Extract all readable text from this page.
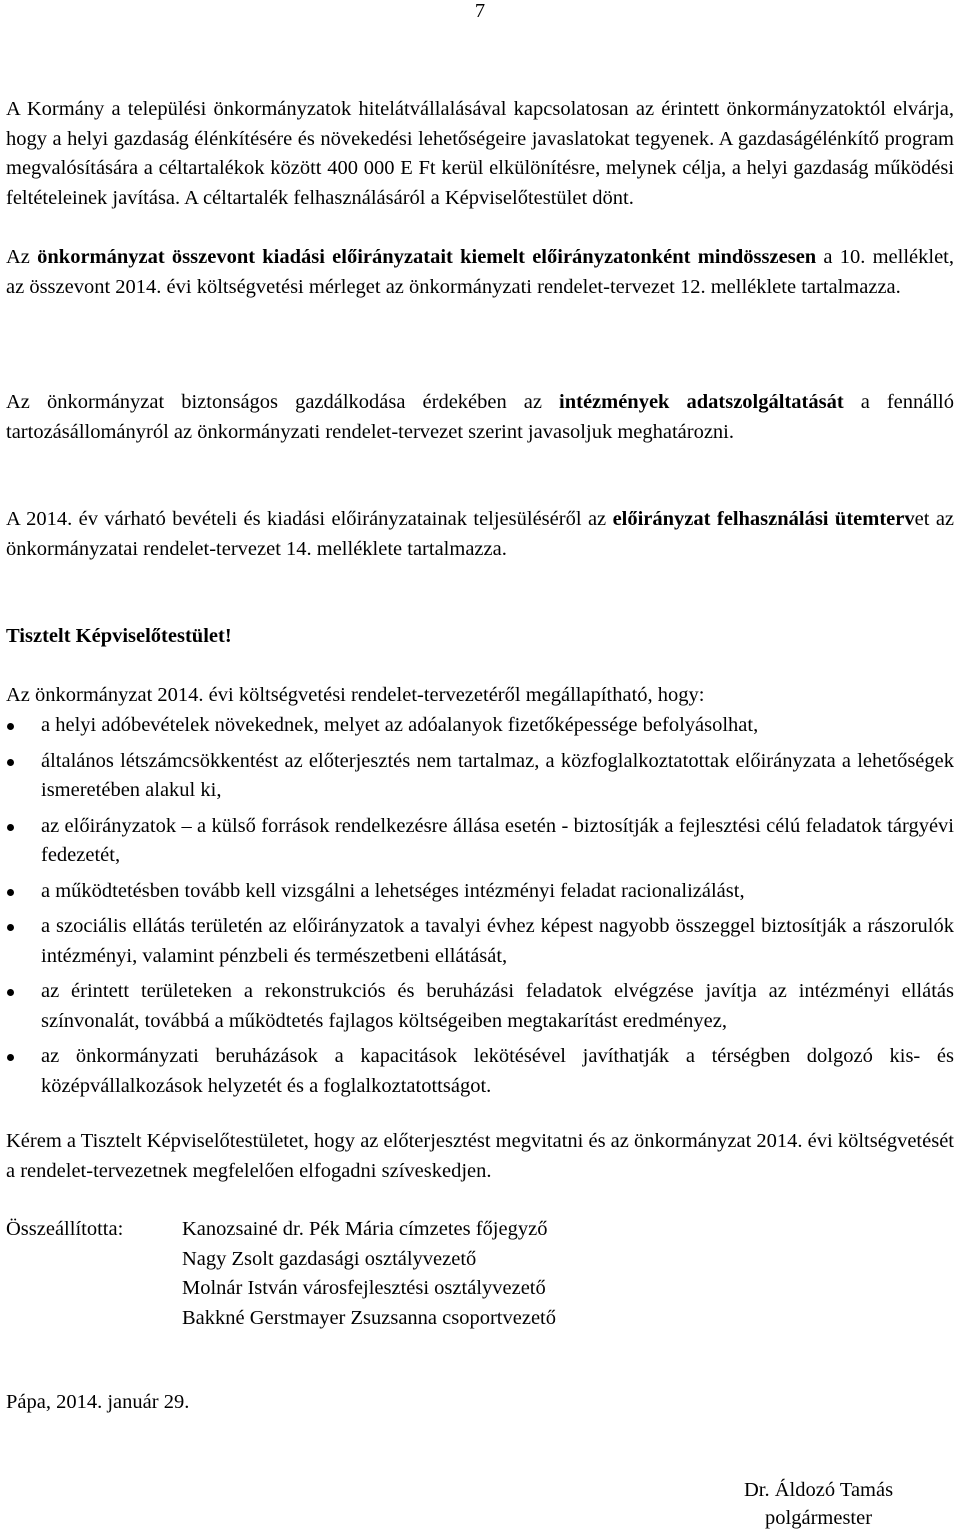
7

A Kormány a települési önkormányzatok hitelátvállalásával kapcsolatosan az érintett önkormányzatoktól elvárja, hogy a helyi gazdaság élénkítésére és növekedési lehetőségeire javaslatokat tegyenek. A gazdaságélénkítő program megvalósítására a céltartalékok között 400 000 E Ft kerül elkülönítésre, melynek célja, a helyi gazdaság működési feltételeinek javítása. A céltartalék felhasználásáról a Képviselőtestület dönt.

Az önkormányzat összevont kiadási előirányzatait kiemelt előirányzatonként mindösszesen a 10. melléklet, az összevont 2014. évi költségvetési mérleget az önkormányzati rendelet-tervezet 12. melléklete tartalmazza.

Az önkormányzat biztonságos gazdálkodása érdekében az intézmények adatszolgáltatását a fennálló tartozásállományról az önkormányzati rendelet-tervezet szerint javasoljuk meghatározni.

A 2014. év várható bevételi és kiadási előirányzatainak teljesüléséről az előirányzat felhasználási ütemtervet az önkormányzatai rendelet-tervezet 14. melléklete tartalmazza.

Tisztelt Képviselőtestület!

Az önkormányzat 2014. évi költségvetési rendelet-tervezetéről megállapítható, hogy:

a helyi adóbevételek növekednek, melyet az adóalanyok fizetőképessége befolyásolhat,
általános létszámcsökkentést az előterjesztés nem tartalmaz, a közfoglalkoztatottak előirányzata a lehetőségek ismeretében alakul ki,
az előirányzatok – a külső források rendelkezésre állása esetén - biztosítják a fejlesztési célú feladatok tárgyévi fedezetét,
a működtetésben tovább kell vizsgálni a lehetséges intézményi feladat racionalizálást,
a szociális ellátás területén az előirányzatok a tavalyi évhez képest nagyobb összeggel biztosítják a rászorulók intézményi, valamint pénzbeli és természetbeni ellátását,
az érintett területeken a rekonstrukciós és beruházási feladatok elvégzése javítja az intézményi ellátás színvonalát, továbbá a működtetés fajlagos költségeiben megtakarítást eredményez,
az önkormányzati beruházások a kapacitások lekötésével javíthatják a térségben dolgozó kis- és középvállalkozások helyzetét és a foglalkoztatottságot.

Kérem a Tisztelt Képviselőtestületet, hogy az előterjesztést megvitatni és az önkormányzat 2014. évi költségvetését a rendelet-tervezetnek megfelelően elfogadni szíveskedjen.

Összeállította:	Kanozsainé dr. Pék Mária címzetes főjegyző
Nagy Zsolt gazdasági osztályvezető
Molnár István városfejlesztési osztályvezető
Bakkné Gerstmayer Zsuzsanna csoportvezető
Pápa, 2014. január 29.
Dr. Áldozó Tamás
polgármester
